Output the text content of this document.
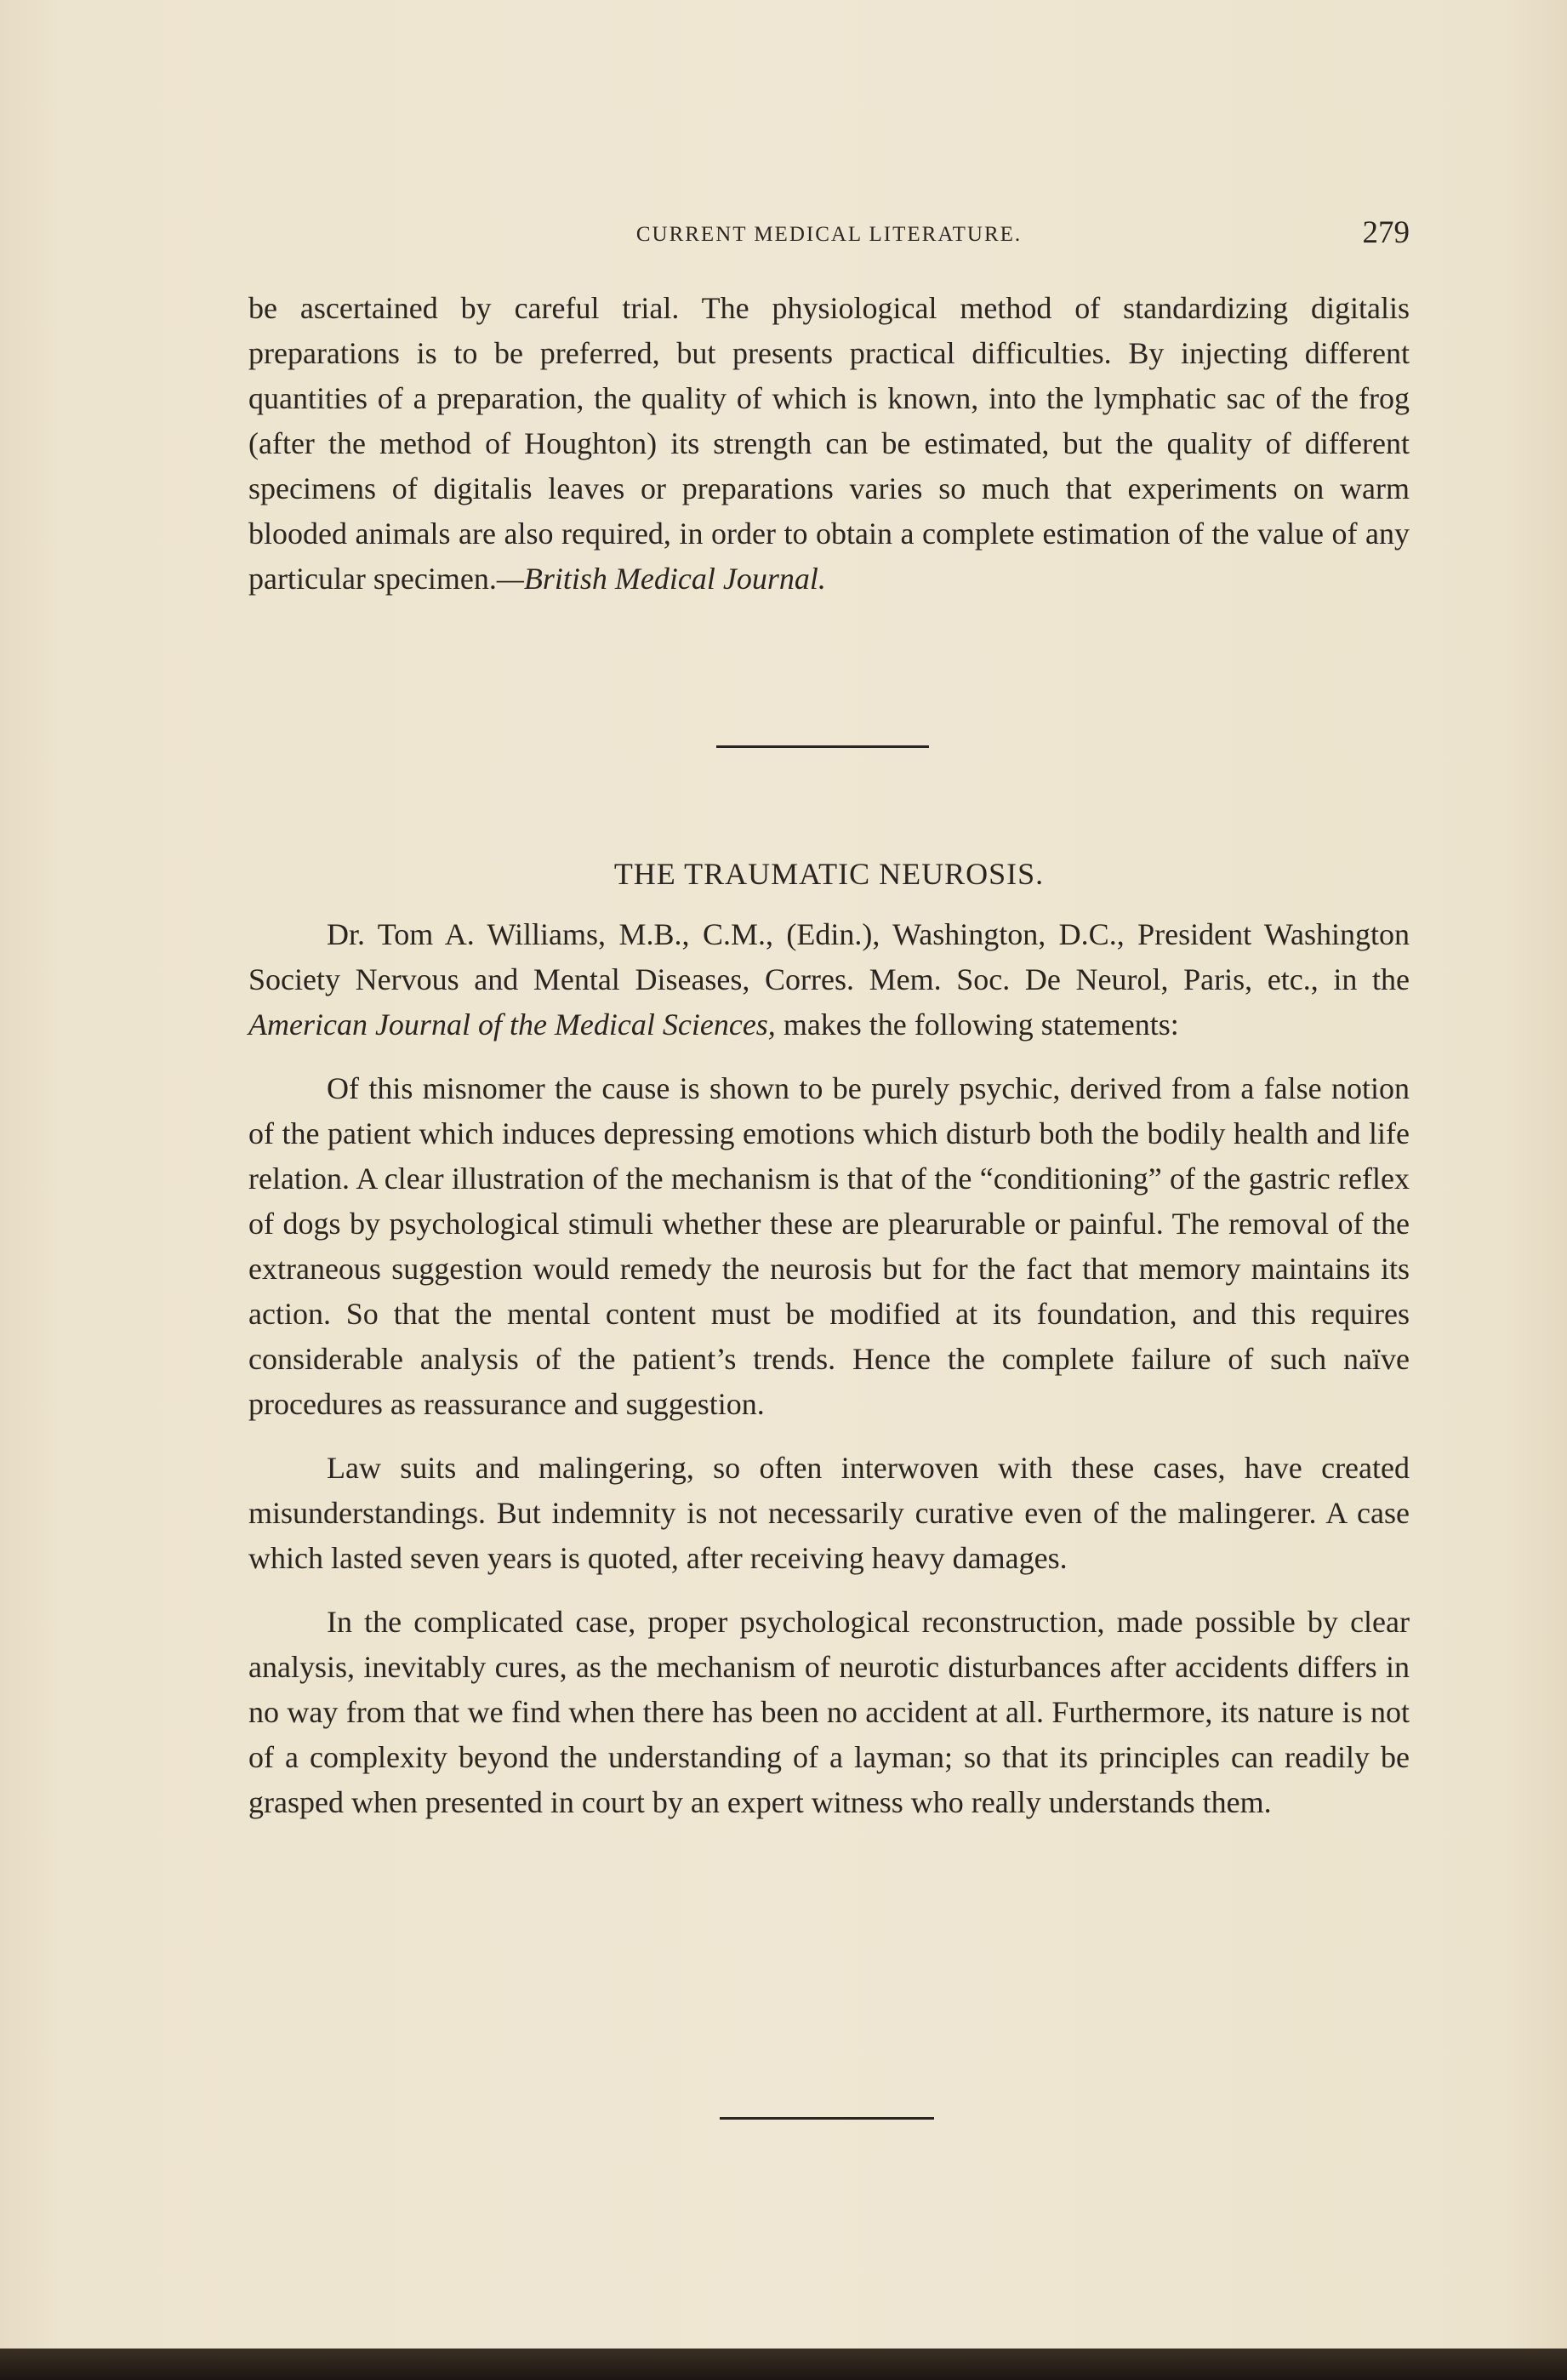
CURRENT MEDICAL LITERATURE.	279

be ascertained by careful trial. The physiological method of standardizing digitalis preparations is to be preferred, but presents practical difficulties. By injecting different quantities of a preparation, the quality of which is known, into the lymphatic sac of the frog (after the method of Houghton) its strength can be estimated, but the quality of different specimens of digitalis leaves or preparations varies so much that experiments on warm blooded animals are also required, in order to obtain a complete estimation of the value of any particular specimen.—British Medical Journal.

THE TRAUMATIC NEUROSIS.

Dr. Tom A. Williams, M.B., C.M., (Edin.), Washington, D.C., President Washington Society Nervous and Mental Diseases, Corres. Mem. Soc. De Neurol, Paris, etc., in the American Journal of the Medical Sciences, makes the following statements:

Of this misnomer the cause is shown to be purely psychic, derived from a false notion of the patient which induces depressing emotions which disturb both the bodily health and life relation. A clear illustration of the mechanism is that of the “conditioning” of the gastric reflex of dogs by psychological stimuli whether these are plearurable or painful. The removal of the extraneous suggestion would remedy the neurosis but for the fact that memory maintains its action. So that the mental content must be modified at its foundation, and this requires considerable analysis of the patient’s trends. Hence the complete failure of such naïve procedures as reassurance and suggestion.

Law suits and malingering, so often interwoven with these cases, have created misunderstandings. But indemnity is not necessarily curative even of the malingerer. A case which lasted seven years is quoted, after receiving heavy damages.

In the complicated case, proper psychological reconstruction, made possible by clear analysis, inevitably cures, as the mechanism of neurotic disturbances after accidents differs in no way from that we find when there has been no accident at all. Furthermore, its nature is not of a complexity beyond the understanding of a layman; so that its principles can readily be grasped when presented in court by an expert witness who really understands them.
